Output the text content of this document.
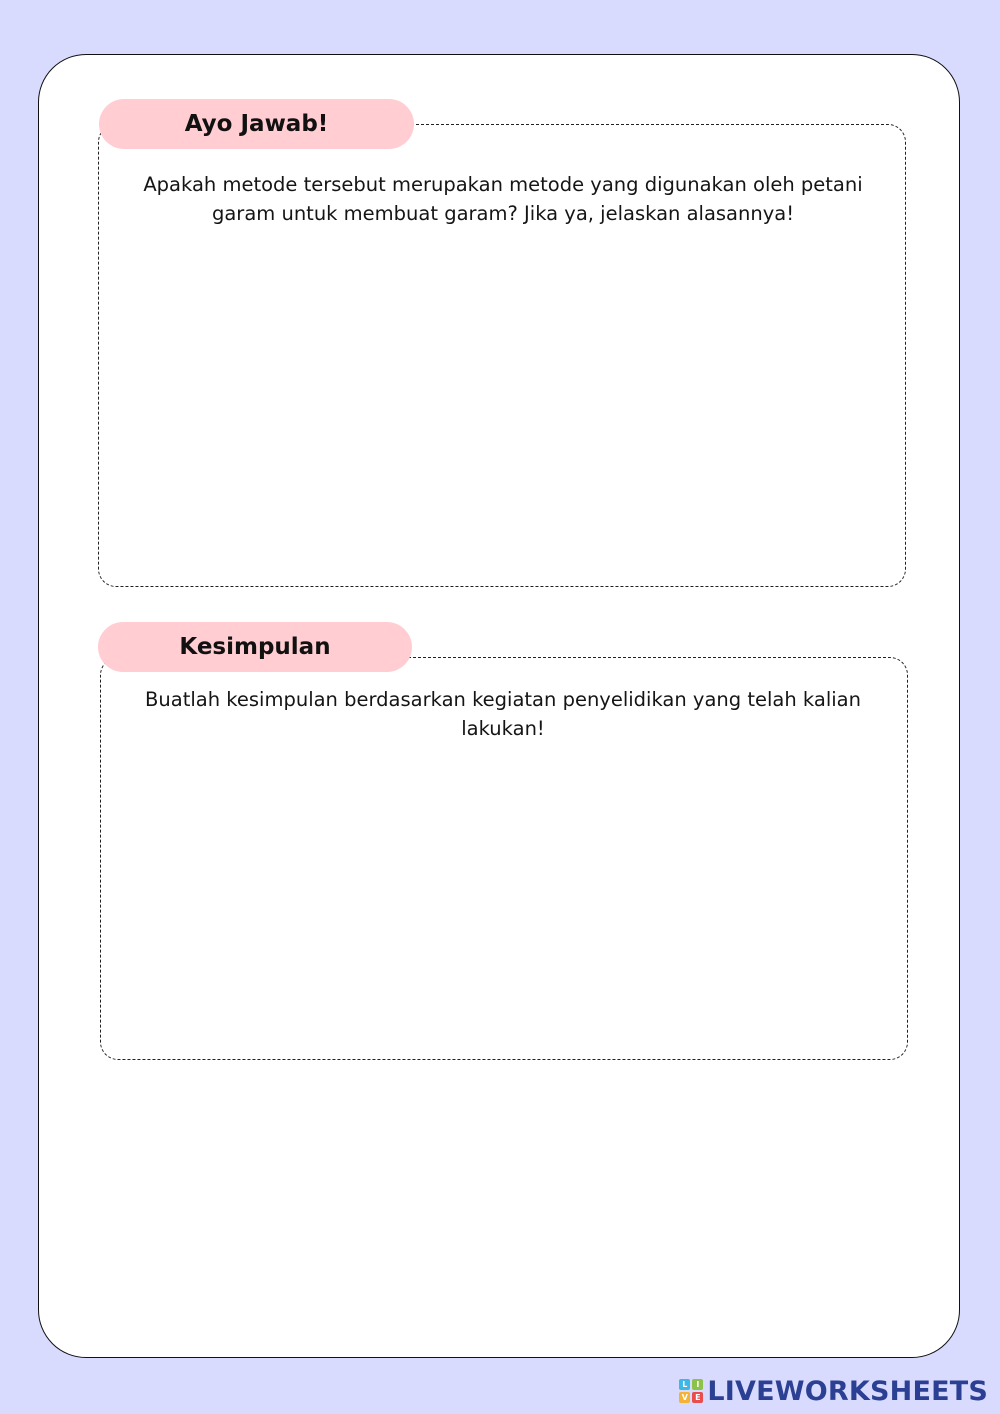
Ayo Jawab!
Apakah metode tersebut merupakan metode yang digunakan oleh petani garam untuk membuat garam? Jika ya, jelaskan alasannya!
Kesimpulan
Buatlah kesimpulan berdasarkan kegiatan penyelidikan yang telah kalian lakukan!
L	I
V E LIVEWORKSHEETS
